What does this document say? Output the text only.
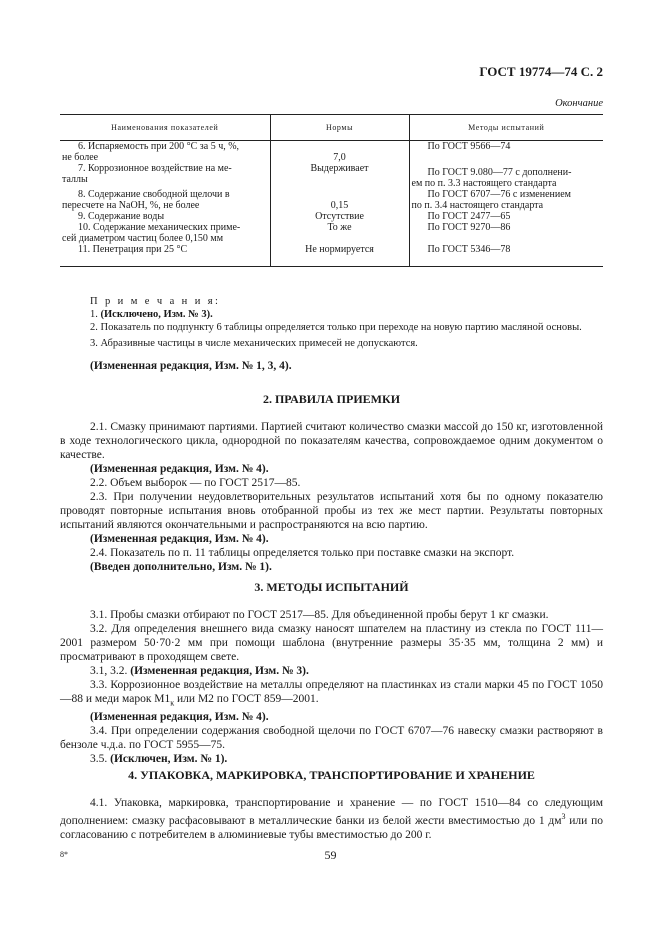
ГОСТ 19774—74 С. 2
Окончание
Наименования показателей	Нормы	Методы испытаний

6. Испаряемость при 200 °С за 5 ч, %,
не более	7,0	По ГОСТ 9566—74

7. Коррозионное воздействие на ме-
таллы	Выдерживает	По ГОСТ 9.080—77 с дополнени-
ем по п. 3.3 настоящего стандарта

8. Содержание свободной щелочи в
пересчете на NaOH, %, не более	0,15	По ГОСТ 6707—76 с изменением
по п. 3.4 настоящего стандарта

9. Содержание воды	Отсутствие	По ГОСТ 2477—65

10. Содержание механических приме-
сей диаметром частиц более 0,150 мм	То же	По ГОСТ 9270—86

11. Пенетрация при 25 °С	Не нормируется	По ГОСТ 5346—78
П р и м е ч а н и я:
1. (Исключено, Изм. № 3).
2. Показатель по подпункту 6 таблицы определяется только при переходе на новую партию масляной основы.
3. Абразивные частицы в числе механических примесей не допускаются.
(Измененная редакция, Изм. № 1, 3, 4).
2. ПРАВИЛА ПРИЕМКИ
2.1. Смазку принимают партиями. Партией считают количество смазки массой до 150 кг, изготовленной в ходе технологического цикла, однородной по показателям качества, сопровождаемое одним документом о качестве.
(Измененная редакция, Изм. № 4).
2.2. Объем выборок — по ГОСТ 2517—85.
2.3. При получении неудовлетворительных результатов испытаний хотя бы по одному показателю проводят повторные испытания вновь отобранной пробы из тех же мест партии. Результаты повторных испытаний являются окончательными и распространяются на всю партию.
(Измененная редакция, Изм. № 4).
2.4. Показатель по п. 11 таблицы определяется только при поставке смазки на экспорт.
(Введен дополнительно, Изм. № 1).
3. МЕТОДЫ ИСПЫТАНИЙ
3.1. Пробы смазки отбирают по ГОСТ 2517—85. Для объединенной пробы берут 1 кг смазки.
3.2. Для определения внешнего вида смазку наносят шпателем на пластину из стекла по ГОСТ 111—2001 размером 50·70·2 мм при помощи шаблона (внутренние размеры 35·35 мм, толщина 2 мм) и просматривают в проходящем свете.
3.1, 3.2. (Измененная редакция, Изм. № 3).
3.3. Коррозионное воздействие на металлы определяют на пластинках из стали марки 45 по ГОСТ 1050—88 и меди марок $М1_к$ или М2 по ГОСТ 859—2001.
(Измененная редакция, Изм. № 4).
3.4. При определении содержания свободной щелочи по ГОСТ 6707—76 навеску смазки растворяют в бензоле ч.д.а. по ГОСТ 5955—75.
3.5. (Исключен, Изм. № 1).
4. УПАКОВКА, МАРКИРОВКА, ТРАНСПОРТИРОВАНИЕ И ХРАНЕНИЕ
4.1. Упаковка, маркировка, транспортирование и хранение — по ГОСТ 1510—84 со следующим дополнением: смазку расфасовывают в металлические банки из белой жести вместимостью до 1 $дм^3$ или по согласованию с потребителем в алюминиевые тубы вместимостью до 200 г.
8*	59
